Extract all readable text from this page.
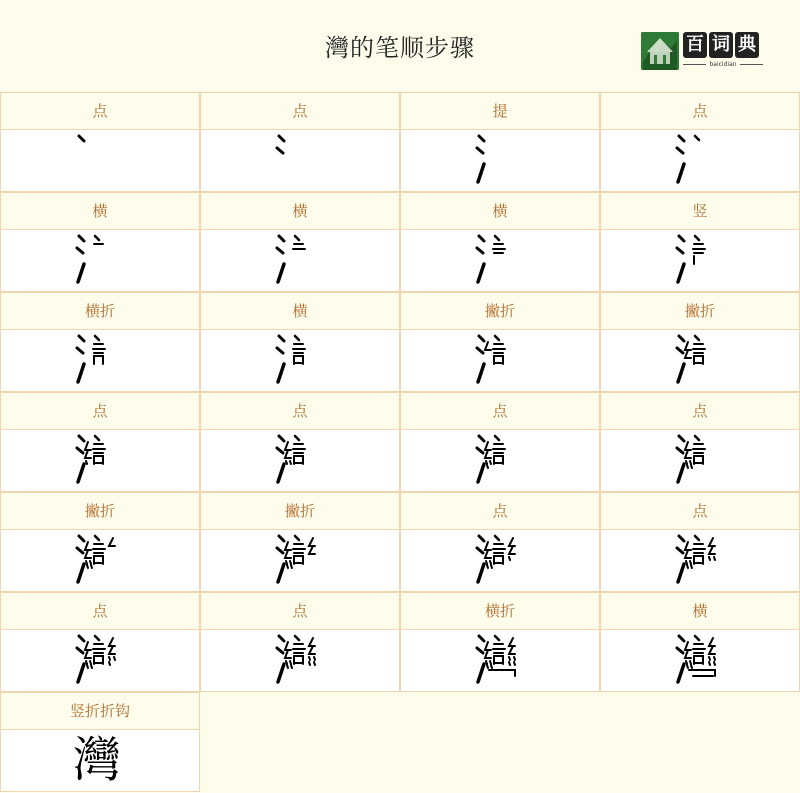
灣的笔顺步骤	百 词 典
baicidian
点	点	提	点
横	横	横	竖
横折	横	撇折	撇折
点	点	点	点
撇折	撇折	点	点
点	点	横折	横
竖折折钩
灣
